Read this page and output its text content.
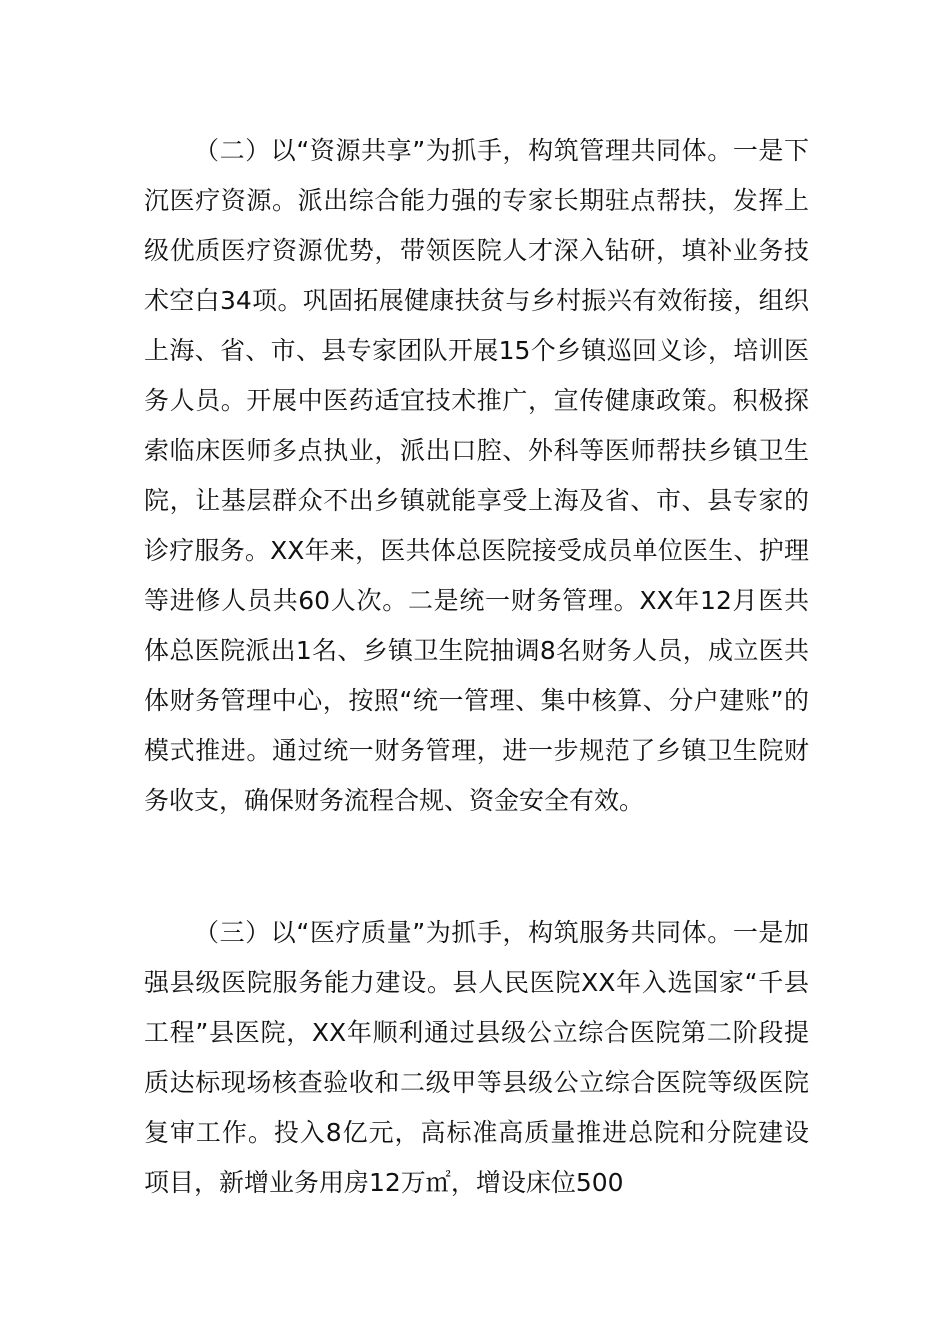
（二）以“资源共享”为抓手，构筑管理共同体。一是下沉医疗资源。派出综合能力强的专家长期驻点帮扶，发挥上级优质医疗资源优势，带领医院人才深入钻研，填补业务技术空白34项。巩固拓展健康扶贫与乡村振兴有效衔接，组织上海、省、市、县专家团队开展15个乡镇巡回义诊，培训医务人员。开展中医药适宜技术推广，宣传健康政策。积极探索临床医师多点执业，派出口腔、外科等医师帮扶乡镇卫生院，让基层群众不出乡镇就能享受上海及省、市、县专家的诊疗服务。XX年来，医共体总医院接受成员单位医生、护理等进修人员共60人次。二是统一财务管理。XX年12月医共体总医院派出1名、乡镇卫生院抽调8名财务人员，成立医共体财务管理中心，按照“统一管理、集中核算、分户建账”的模式推进。通过统一财务管理，进一步规范了乡镇卫生院财务收支，确保财务流程合规、资金安全有效。

（三）以“医疗质量”为抓手，构筑服务共同体。一是加强县级医院服务能力建设。县人民医院XX年入选国家“千县工程”县医院，XX年顺利通过县级公立综合医院第二阶段提质达标现场核查验收和二级甲等县级公立综合医院等级医院复审工作。投入8亿元，高标准高质量推进总院和分院建设项目，新增业务用房12万㎡，增设床位500
